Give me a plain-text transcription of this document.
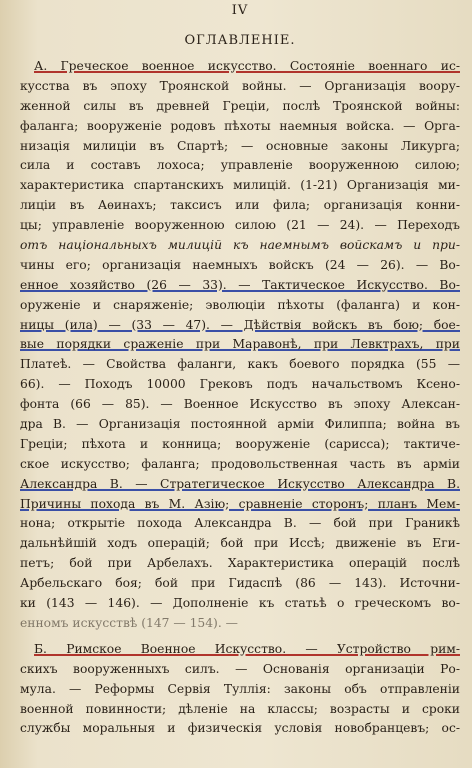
IV
ОГЛАВЛЕНІЕ.
А. Греческое военное искусство. Состояніе военнаго ис-
кусства въ эпоху Троянской войны. — Организація воору-
женной силы въ древней Греціи, послѣ Троянской войны:
фаланга; вооруженіе родовъ пѣхоты наемныя войска. — Орга-
низація милиціи въ Спартѣ; — основные законы Ликурга;
сила и составъ лохоса; управленіе вооруженною силою;
характеристика спартанскихъ милицій. (1-21) Организація ми-
лиціи въ Аѳинахъ; таксисъ или фила; организація конни-
цы; управленіе вооруженною силою (21 — 24). — Переходъ
отъ національныхъ милицій къ наемнымъ войскамъ и при-
чины его; организація наемныхъ войскъ (24 — 26). — Во-
енное хозяйство (26 — 33). — Тактическое Искусство. Во-
оруженіе и снаряженіе; эволюціи пѣхоты (фаланга) и кон-
ницы (ила) — (33 — 47). — Дѣйствія войскъ въ бою; бое-
вые порядки сраженіе при Маравонѣ, при Левктрахъ, при
Платеѣ. — Свойства фаланги, какъ боевого порядка (55 —
66). — Походъ 10000 Грековъ подъ начальствомъ Ксено-
фонта (66 — 85). — Военное Искусство въ эпоху Алексан-
дра В. — Организація постоянной арміи Филиппа; война въ
Греціи; пѣхота и конница; вооруженіе (сарисса); тактиче-
ское искусство; фаланга; продовольственная часть въ арміи
Александра В. — Стратегическое Искусство Александра В.
Причины похода въ М. Азію; сравненіе сторонъ; планъ Мем-
нона; открытіе похода Александра В. — бой при Граникѣ
дальнѣйшій ходъ операцій; бой при Иссѣ; движеніе въ Еги-
петъ; бой при Арбелахъ. Характеристика операцій послѣ
Арбельскаго боя; бой при Гидаспѣ (86 — 143). Источни-
ки (143 — 146). — Дополненіе къ статьѣ о греческомъ во-
енномъ искусствѣ (147 — 154). —
Б. Римское Военное Искусство. — Устройство рим-
скихъ вооруженныхъ силъ. — Основанія организаціи Ро-
мула. — Реформы Сервія Туллія: законы объ отправленіи
военной повинности; дѣленіе на классы; возрасты и сроки
службы моральныя и физическія условія новобранцевъ; ос-
